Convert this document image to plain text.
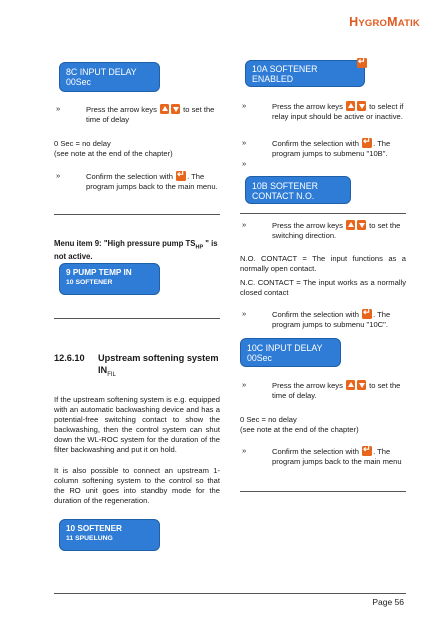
HYGROMATIK
8C INPUT DELAY
00Sec
»	Press the arrow keys	to set the time of delay
0 Sec = no delay
(see note at the end of the chapter)
»	Confirm the selection with ↵ . The program jumps back to the main menu.
Menu item 9: "High pressure pump $TS_{HP}$ " is not active.
9 PUMP TEMP IN
10 SOFTENER
12.6.10	Upstream softening system $IN_{FIL}$
If the upstream softening system is e.g. equipped with an automatic backwashing device and has a potential-free switching contact to show the backwashing, then the control system can shut down the WL-ROC system for the duration of the filter backwashing and put it on hold.
It is also possible to connect an upstream 1-column softening system to the control so that the RO unit goes into standby mode for the duration of the regeneration.
10 SOFTENER
11 SPUELUNG
10A SOFTENER
ENABLED
↵
»	Press the arrow keys	to select if relay input should be active or inactive.
»	Confirm the selection with ↵ . The program jumps to submenu "10B".
»
10B SOFTENER
CONTACT N.O.
»	Press the arrow keys	to set the switching direction.
N.O. CONTACT = The input functions as a normally open contact.
N.C. CONTACT = The input works as a normally closed contact
»	Confirm the selection with ↵ . The program jumps to submenu "10C".
10C INPUT DELAY
00Sec
»	Press the arrow keys	to set the time of delay.
0 Sec = no delay
(see note at the end of the chapter)
»	Confirm the selection with ↵ . The program jumps back to the main menu
Page 56
